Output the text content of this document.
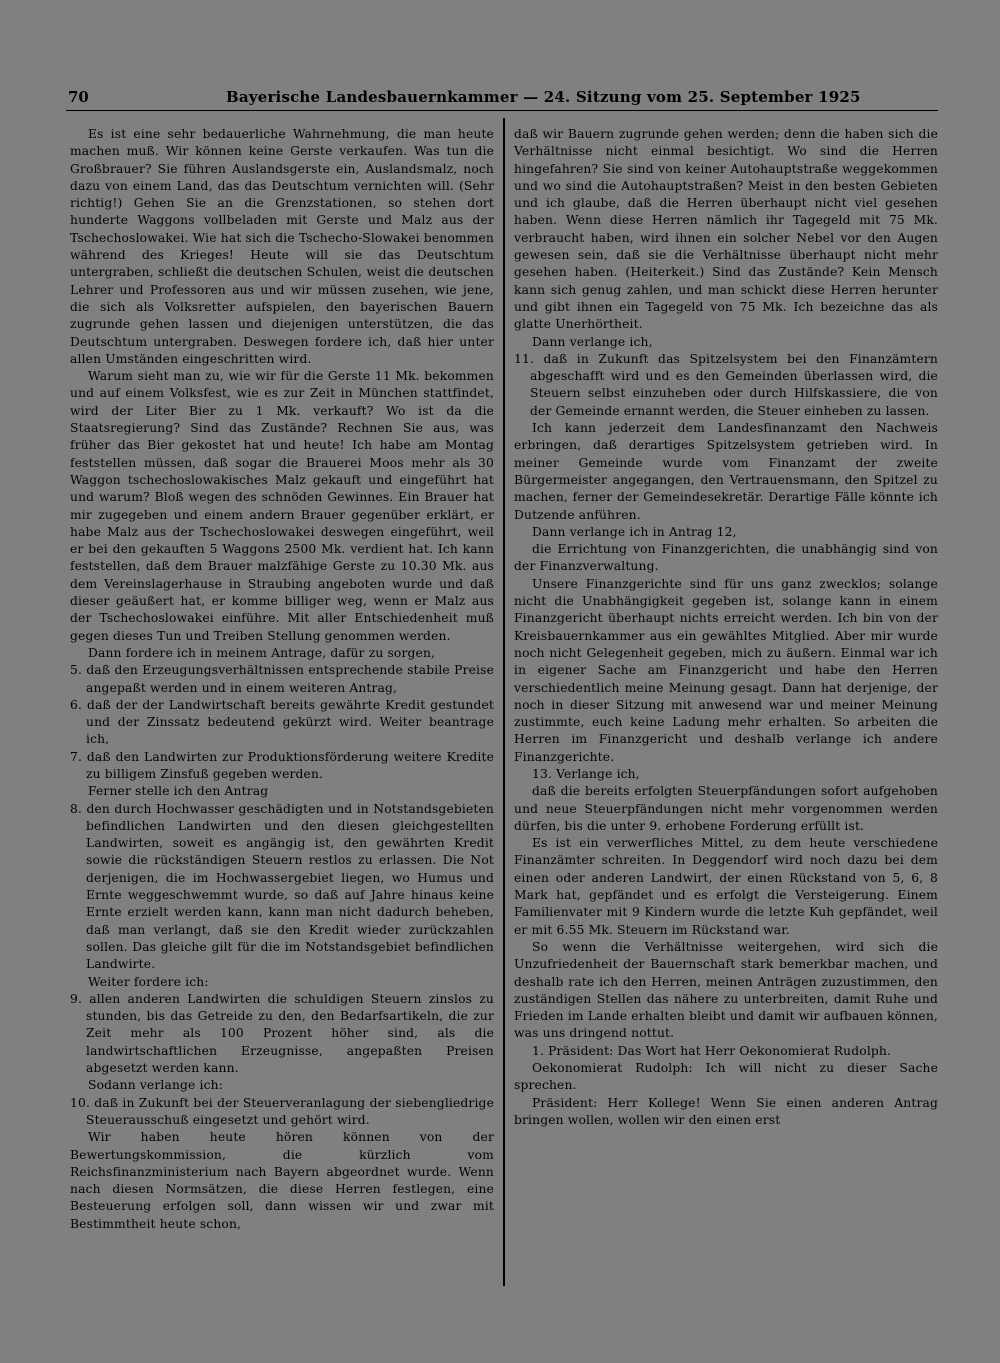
70	Bayerische Landesbauernkammer — 24. Sitzung vom 25. September 1925

Es ist eine sehr bedauerliche Wahrnehmung, die man heute machen muß. Wir können keine Gerste verkaufen. Was tun die Großbrauer? Sie führen Auslandsgerste ein, Auslandsmalz, noch dazu von einem Land, das das Deutschtum vernichten will. (Sehr richtig!) Gehen Sie an die Grenzstationen, so stehen dort hunderte Waggons vollbeladen mit Gerste und Malz aus der Tschechoslowakei. Wie hat sich die Tschecho-Slowakei benommen während des Krieges! Heute will sie das Deutschtum untergraben, schließt die deutschen Schulen, weist die deutschen Lehrer und Professoren aus und wir müssen zusehen, wie jene, die sich als Volksretter aufspielen, den bayerischen Bauern zugrunde gehen lassen und diejenigen unterstützen, die das Deutschtum untergraben. Deswegen fordere ich, daß hier unter allen Umständen eingeschritten wird.

Warum sieht man zu, wie wir für die Gerste 11 Mk. bekommen und auf einem Volksfest, wie es zur Zeit in München stattfindet, wird der Liter Bier zu 1 Mk. verkauft? Wo ist da die Staatsregierung? Sind das Zustände? Rechnen Sie aus, was früher das Bier gekostet hat und heute! Ich habe am Montag feststellen müssen, daß sogar die Brauerei Moos mehr als 30 Waggon tschechoslowakisches Malz gekauft und eingeführt hat und warum? Bloß wegen des schnöden Gewinnes. Ein Brauer hat mir zugegeben und einem andern Brauer gegenüber erklärt, er habe Malz aus der Tschechoslowakei deswegen eingeführt, weil er bei den gekauften 5 Waggons 2500 Mk. verdient hat. Ich kann feststellen, daß dem Brauer malzfähige Gerste zu 10.30 Mk. aus dem Vereinslagerhause in Straubing angeboten wurde und daß dieser geäußert hat, er komme billiger weg, wenn er Malz aus der Tschechoslowakei einführe. Mit aller Entschiedenheit muß gegen dieses Tun und Treiben Stellung genommen werden.

Dann fordere ich in meinem Antrage, dafür zu sorgen,

5. daß den Erzeugungsverhältnissen entsprechende stabile Preise angepaßt werden und in einem weiteren Antrag,

6. daß der der Landwirtschaft bereits gewährte Kredit gestundet und der Zinssatz bedeutend gekürzt wird. Weiter beantrage ich,

7. daß den Landwirten zur Produktionsförderung weitere Kredite zu billigem Zinsfuß gegeben werden.

Ferner stelle ich den Antrag

8. den durch Hochwasser geschädigten und in Notstandsgebieten befindlichen Landwirten und den diesen gleichgestellten Landwirten, soweit es angängig ist, den gewährten Kredit sowie die rückständigen Steuern restlos zu erlassen. Die Not derjenigen, die im Hochwassergebiet liegen, wo Humus und Ernte weggeschwemmt wurde, so daß auf Jahre hinaus keine Ernte erzielt werden kann, kann man nicht dadurch beheben, daß man verlangt, daß sie den Kredit wieder zurückzahlen sollen. Das gleiche gilt für die im Notstandsgebiet befindlichen Landwirte.

Weiter fordere ich:

9. allen anderen Landwirten die schuldigen Steuern zinslos zu stunden, bis das Getreide zu den, den Bedarfsartikeln, die zur Zeit mehr als 100 Prozent höher sind, als die landwirtschaftlichen Erzeugnisse, angepaßten Preisen abgesetzt werden kann.

Sodann verlange ich:

10. daß in Zukunft bei der Steuerveranlagung der siebengliedrige Steuerausschuß eingesetzt und gehört wird.

Wir haben heute hören können von der Bewertungskommission, die kürzlich vom Reichsfinanzministerium nach Bayern abgeordnet wurde. Wenn nach diesen Normsätzen, die diese Herren festlegen, eine Besteuerung erfolgen soll, dann wissen wir und zwar mit Bestimmtheit heute schon,

daß wir Bauern zugrunde gehen werden; denn die haben sich die Verhältnisse nicht einmal besichtigt. Wo sind die Herren hingefahren? Sie sind von keiner Autohauptstraße weggekommen und wo sind die Autohauptstraßen? Meist in den besten Gebieten und ich glaube, daß die Herren überhaupt nicht viel gesehen haben. Wenn diese Herren nämlich ihr Tagegeld mit 75 Mk. verbraucht haben, wird ihnen ein solcher Nebel vor den Augen gewesen sein, daß sie die Verhältnisse überhaupt nicht mehr gesehen haben. (Heiterkeit.) Sind das Zustände? Kein Mensch kann sich genug zahlen, und man schickt diese Herren herunter und gibt ihnen ein Tagegeld von 75 Mk. Ich bezeichne das als glatte Unerhörtheit.

Dann verlange ich,

11. daß in Zukunft das Spitzelsystem bei den Finanzämtern abgeschafft wird und es den Gemeinden überlassen wird, die Steuern selbst einzuheben oder durch Hilfskassiere, die von der Gemeinde ernannt werden, die Steuer einheben zu lassen.

Ich kann jederzeit dem Landesfinanzamt den Nachweis erbringen, daß derartiges Spitzelsystem getrieben wird. In meiner Gemeinde wurde vom Finanzamt der zweite Bürgermeister angegangen, den Vertrauensmann, den Spitzel zu machen, ferner der Gemeindesekretär. Derartige Fälle könnte ich Dutzende anführen.

Dann verlange ich in Antrag 12,

die Errichtung von Finanzgerichten, die unabhängig sind von der Finanzverwaltung.

Unsere Finanzgerichte sind für uns ganz zwecklos; solange nicht die Unabhängigkeit gegeben ist, solange kann in einem Finanzgericht überhaupt nichts erreicht werden. Ich bin von der Kreisbauernkammer aus ein gewähltes Mitglied. Aber mir wurde noch nicht Gelegenheit gegeben, mich zu äußern. Einmal war ich in eigener Sache am Finanzgericht und habe den Herren verschiedentlich meine Meinung gesagt. Dann hat derjenige, der noch in dieser Sitzung mit anwesend war und meiner Meinung zustimmte, euch keine Ladung mehr erhalten. So arbeiten die Herren im Finanzgericht und deshalb verlange ich andere Finanzgerichte.

13. Verlange ich,

daß die bereits erfolgten Steuerpfändungen sofort aufgehoben und neue Steuerpfändungen nicht mehr vorgenommen werden dürfen, bis die unter 9. erhobene Forderung erfüllt ist.

Es ist ein verwerfliches Mittel, zu dem heute verschiedene Finanzämter schreiten. In Deggendorf wird noch dazu bei dem einen oder anderen Landwirt, der einen Rückstand von 5, 6, 8 Mark hat, gepfändet und es erfolgt die Versteigerung. Einem Familienvater mit 9 Kindern wurde die letzte Kuh gepfändet, weil er mit 6.55 Mk. Steuern im Rückstand war.

So wenn die Verhältnisse weitergehen, wird sich die Unzufriedenheit der Bauernschaft stark bemerkbar machen, und deshalb rate ich den Herren, meinen Anträgen zuzustimmen, den zuständigen Stellen das nähere zu unterbreiten, damit Ruhe und Frieden im Lande erhalten bleibt und damit wir aufbauen können, was uns dringend nottut.

1. Präsident: Das Wort hat Herr Oekonomierat Rudolph.

Oekonomierat Rudolph: Ich will nicht zu dieser Sache sprechen.

Präsident: Herr Kollege! Wenn Sie einen anderen Antrag bringen wollen, wollen wir den einen erst
